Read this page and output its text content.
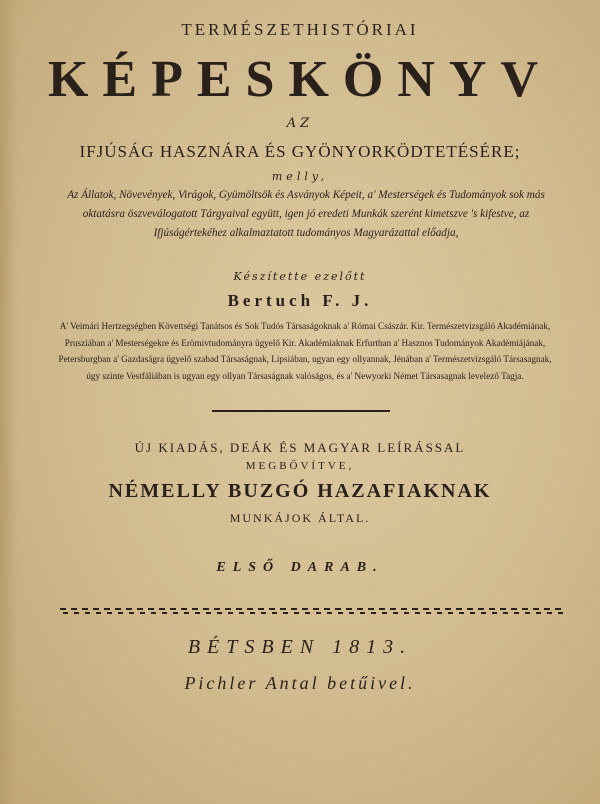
TERMÉSZETHISTÓRIAI
KÉPESKÖNYV
AZ
IFJÚSÁG HASZNÁRA ÉS GYÖNYORKÖDTETÉSÉRE;
melly,
Az Állatok, Növevények, Virágok, Gyümöltsök és Asványok Képeit, a' Mesterségek és Tudományok sok más oktatásra öszveválogatott Tárgyaival együtt, igen jó eredeti Munkák szerént kimetszve 's kifestve, az Ifjúságértekéhez alkalmaztatott tudományos Magyarázattal előadja,
Készítette ezelőtt
Bertuch F. J.
A' Veimári Hertzegségben Követtségi Tanátsos és Sok Tudós Társaságoknak a' Római Császár. Kir. Természetvizsgáló Akadémiának, Prusziában a' Mesterségekre és Erömivtudományra ügyelő Kir. Akadémiaknak Erfurtban a' Hasznos Tudományok Akadémiájának, Petersburgban a' Gazdaságra ügyelő szabad Társaságnak, Lipsiában, ugyan egy ollyannak, Jénában a' Természetvizsgáló Társasagnak, úgy szinte Vestfáliában is ugyan egy ollyan Társaságnak valóságos, és a' Newyorki Német Társasagnak levelező Tagja.
ÚJ KIADÁS, DEÁK ÉS MAGYAR LEÍRÁSSAL
MEGBŐVÍTVE,
NÉMELLY BUZGÓ HAZAFIAKNAK
MUNKÁJOK ÁLTAL.
ELSŐ DARAB.
BÉTSBEN 1813.
Pichler Antal betűivel.
